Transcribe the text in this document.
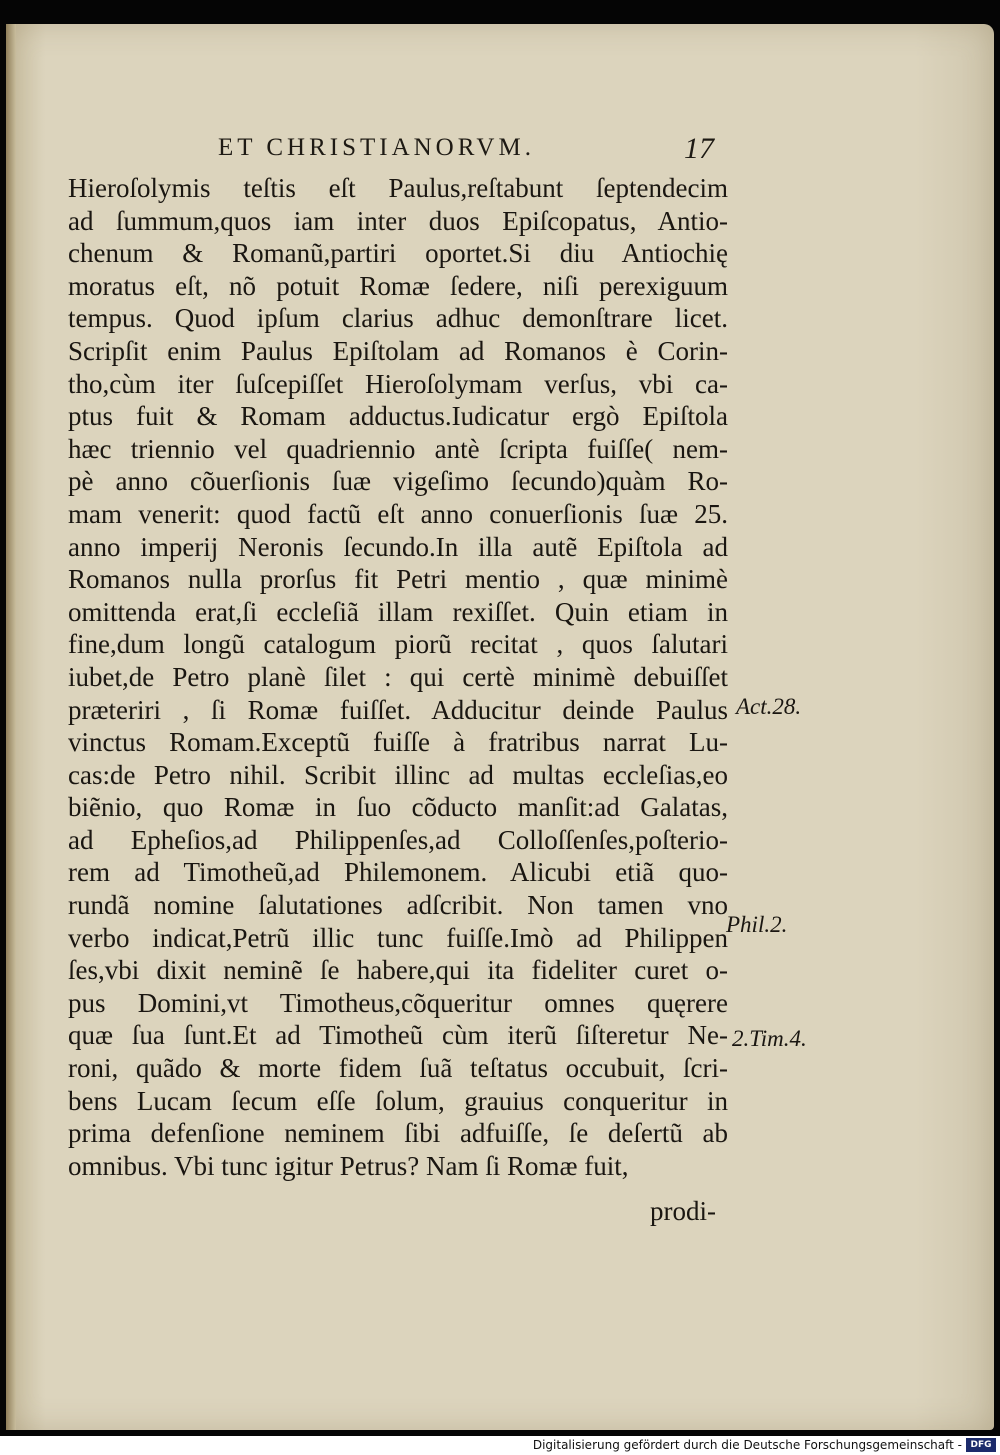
ET CHRISTIANORVM.	17
Hieroſolymis teſtis eſt Paulus,reſtabunt ſeptendecim
ad ſummum,quos iam inter duos Epiſcopatus, Antio-
chenum & Romanũ,partiri oportet.Si diu Antiochię
moratus eſt, nõ potuit Romæ ſedere, niſi perexiguum
tempus. Quod ipſum clarius adhuc demonſtrare licet.
Scripſit enim Paulus Epiſtolam ad Romanos è Corin-
tho,cùm iter ſuſcepiſſet Hieroſolymam verſus, vbi ca-
ptus fuit & Romam adductus.Iudicatur ergò Epiſtola
hæc triennio vel quadriennio antè ſcripta fuiſſe( nem-
pè anno cõuerſionis ſuæ vigeſimo ſecundo)quàm Ro-
mam venerit: quod factũ eſt anno conuerſionis ſuæ 25.
anno imperij Neronis ſecundo.In illa autẽ Epiſtola ad
Romanos nulla prorſus fit Petri mentio , quæ minimè
omittenda erat,ſi eccleſiã illam rexiſſet. Quin etiam in
fine,dum longũ catalogum piorũ recitat , quos ſalutari
iubet,de Petro planè ſilet : qui certè minimè debuiſſet
præteriri , ſi Romæ fuiſſet. Adducitur deinde Paulus
vinctus Romam.Exceptũ fuiſſe à fratribus narrat Lu-
cas:de Petro nihil. Scribit illinc ad multas eccleſias,eo
biẽnio, quo Romæ in ſuo cõducto manſit:ad Galatas,
ad Epheſios,ad Philippenſes,ad Colloſſenſes,poſterio-
rem ad Timotheũ,ad Philemonem. Alicubi etiã quo-
rundã nomine ſalutationes adſcribit. Non tamen vno
verbo indicat,Petrũ illic tunc fuiſſe.Imò ad Philippen
ſes,vbi dixit neminẽ ſe habere,qui ita fideliter curet o-
pus Domini,vt Timotheus,cõqueritur omnes quęrere
quæ ſua ſunt.Et ad Timotheũ cùm iterũ ſiſteretur Ne-
roni, quãdo & morte fidem ſuã teſtatus occubuit, ſcri-
bens Lucam ſecum eſſe ſolum, grauius conqueritur in
prima defenſione neminem ſibi adfuiſſe, ſe deſertũ ab
omnibus. Vbi tunc igitur Petrus? Nam ſi Romæ fuit,
prodi-
Act.28.
Phil.2.
2.Tim.4.
Digitalisierung gefördert durch die Deutsche Forschungsgemeinschaft - DFG
